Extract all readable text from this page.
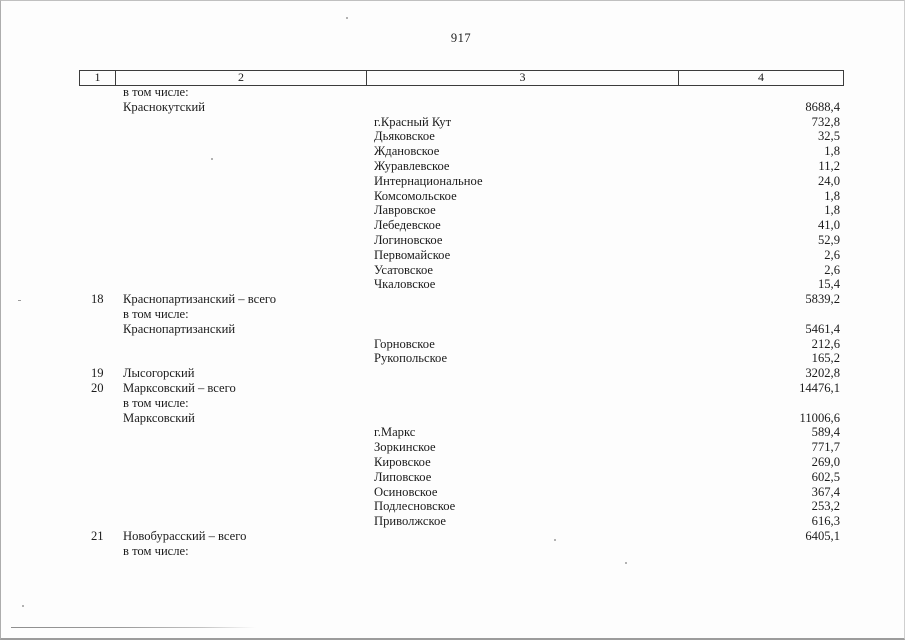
917
1	2	3	4
в том числе:
Краснокутский	8688,4
г.Красный Кут	732,8
Дьяковское	32,5
Ждановское	1,8
Журавлевское	11,2
Интернациональное	24,0
Комсомольское	1,8
Лавровское	1,8
Лебедевское	41,0
Логиновское	52,9
Первомайское	2,6
Усатовское	2,6
Чкаловское	15,4
18	Краснопартизанский – всего	5839,2
в том числе:
Краснопартизанский	5461,4
Горновское	212,6
Рукопольское	165,2
19	Лысогорский	3202,8
20	Марксовский – всего	14476,1
в том числе:
Марксовский	11006,6
г.Маркс	589,4
Зоркинское	771,7
Кировское	269,0
Липовское	602,5
Осиновское	367,4
Подлесновское	253,2
Приволжское	616,3
21	Новобурасский – всего	6405,1
в том числе:
